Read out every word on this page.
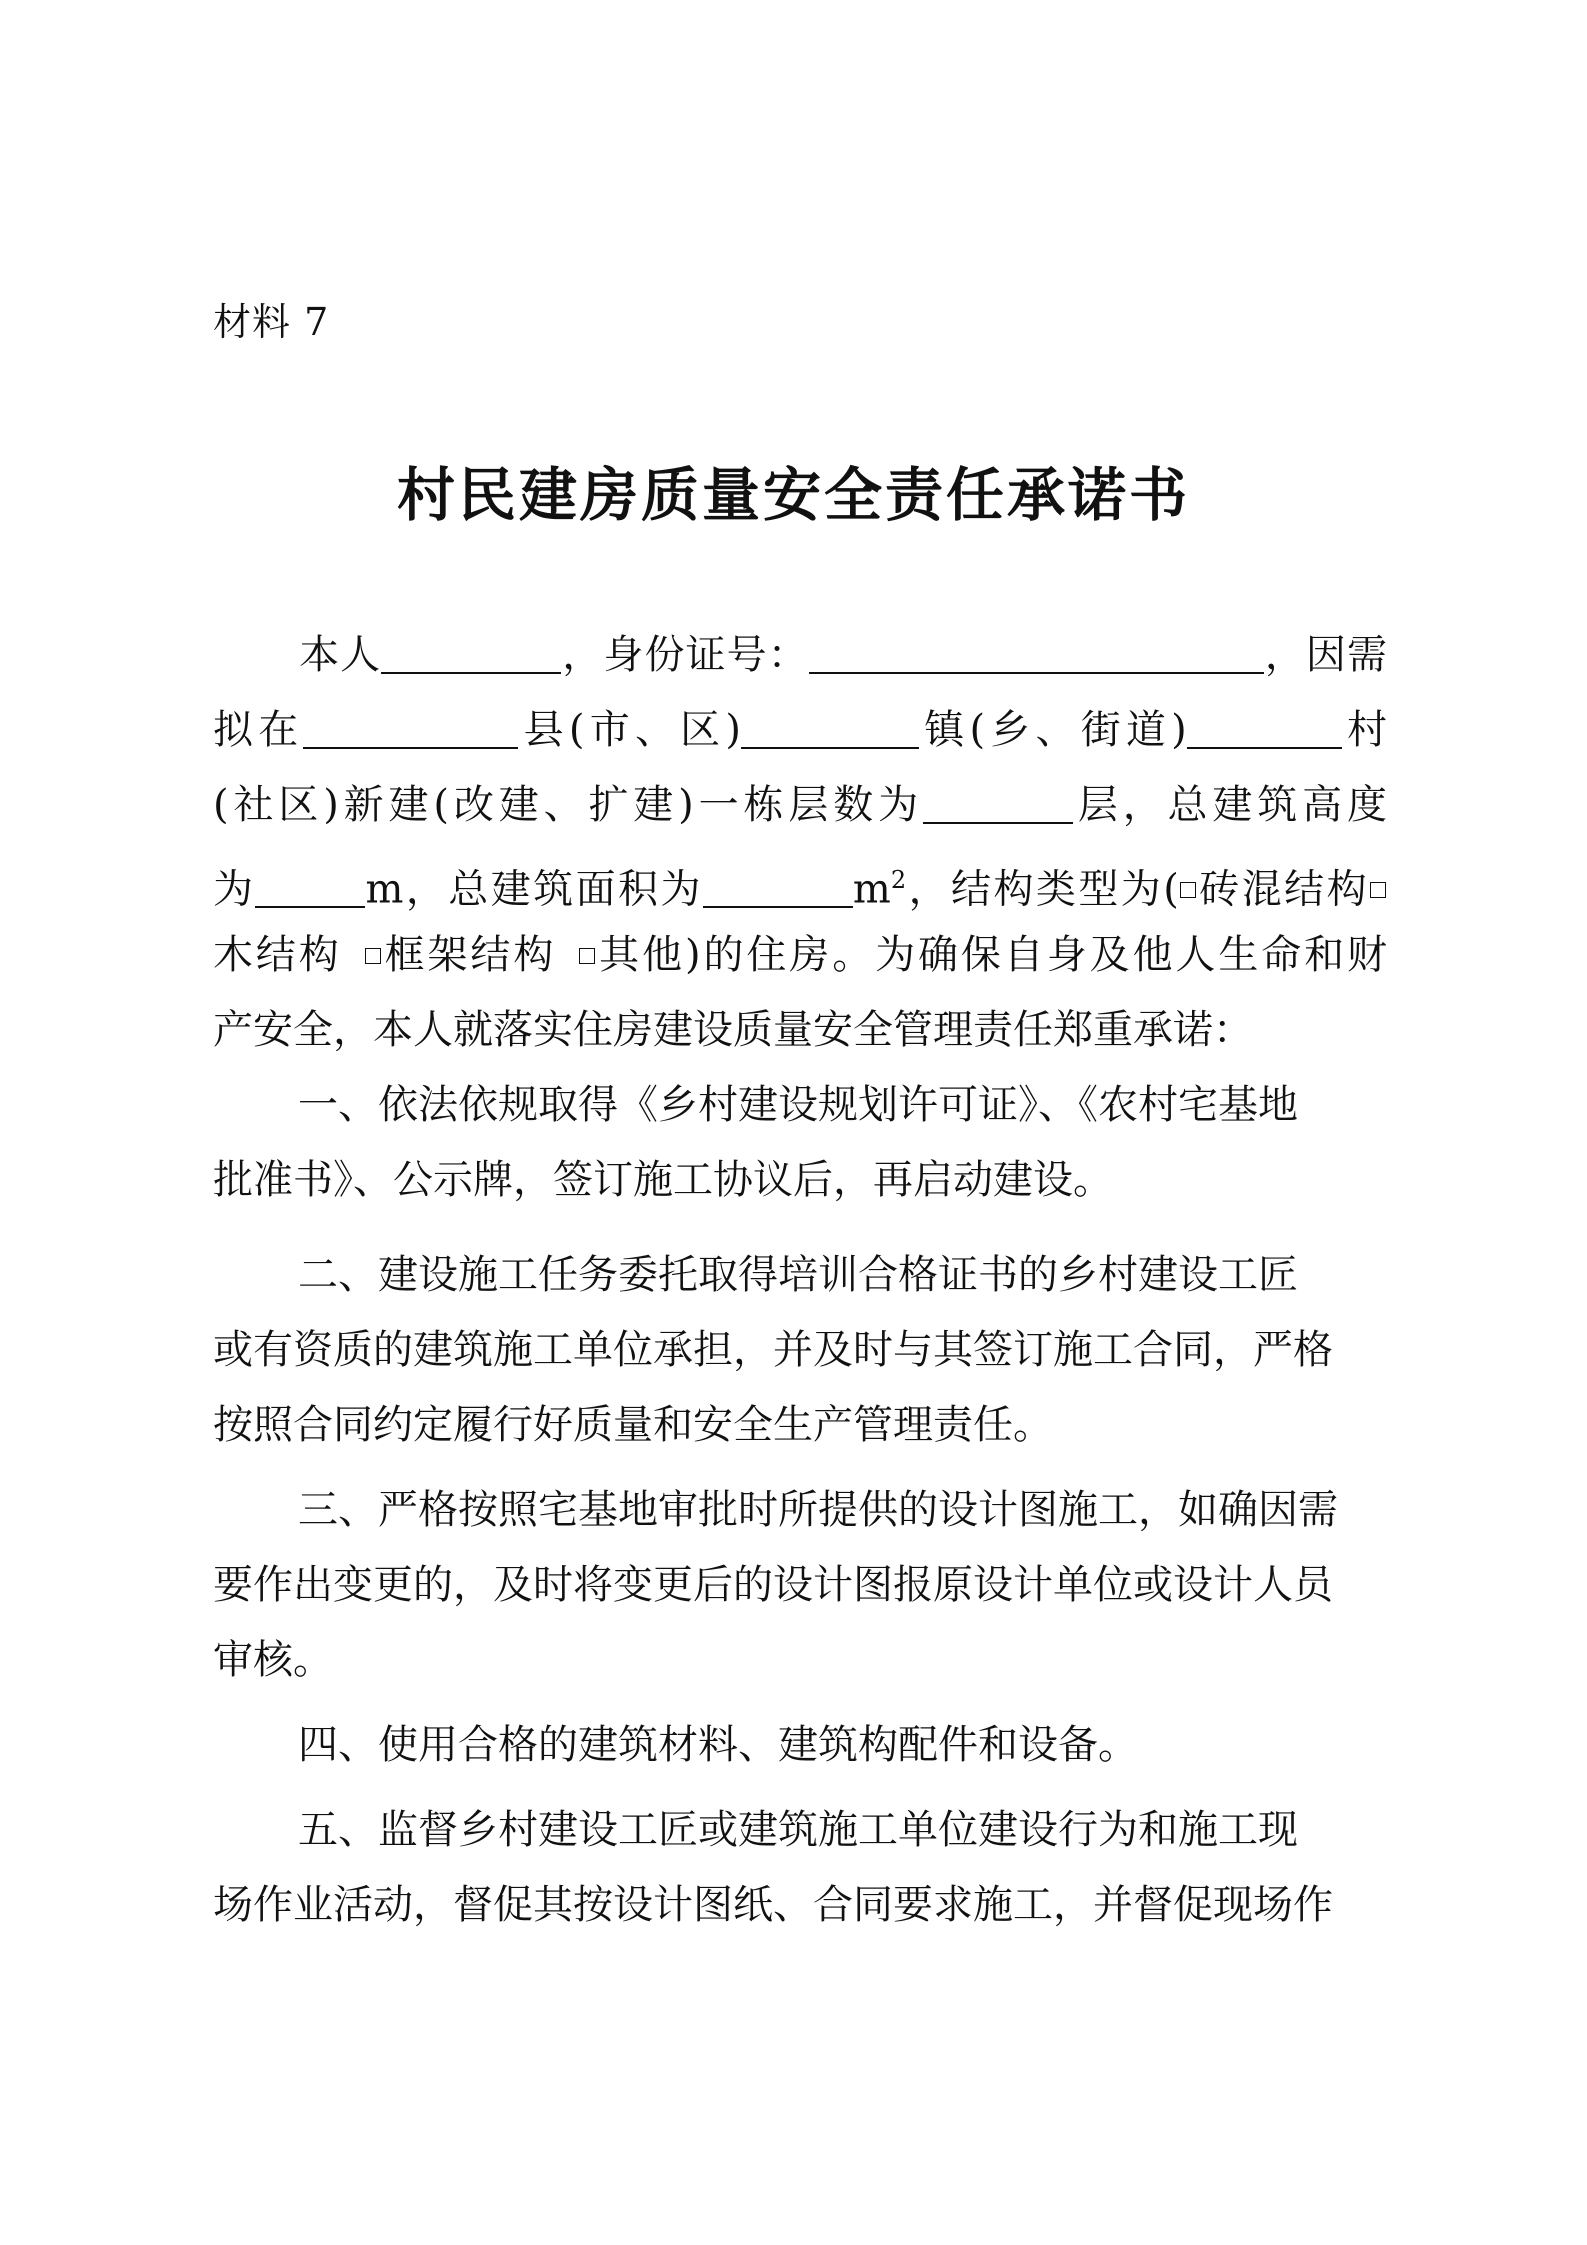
材料 7
村民建房质量安全责任承诺书
本人	，身份证号：	，因需
拟在	县(市、区)	镇(乡、街道)	村
(社区)新建(改建、扩建)一栋层数为	层，总建筑高度
为	m，总建筑面积为	$m^2$，结构类型为( 砖混结构
木结构 框架结构 其他)的住房。为确保自身及他人生命和财
产安全，本人就落实住房建设质量安全管理责任郑重承诺：
一、依法依规取得《乡村建设规划许可证》、《农村宅基地
批准书》、公示牌，签订施工协议后，再启动建设。
二、建设施工任务委托取得培训合格证书的乡村建设工匠
或有资质的建筑施工单位承担，并及时与其签订施工合同，严格
按照合同约定履行好质量和安全生产管理责任。
三、严格按照宅基地审批时所提供的设计图施工，如确因需
要作出变更的，及时将变更后的设计图报原设计单位或设计人员
审核。
四、使用合格的建筑材料、建筑构配件和设备。
五、监督乡村建设工匠或建筑施工单位建设行为和施工现
场作业活动，督促其按设计图纸、合同要求施工，并督促现场作
